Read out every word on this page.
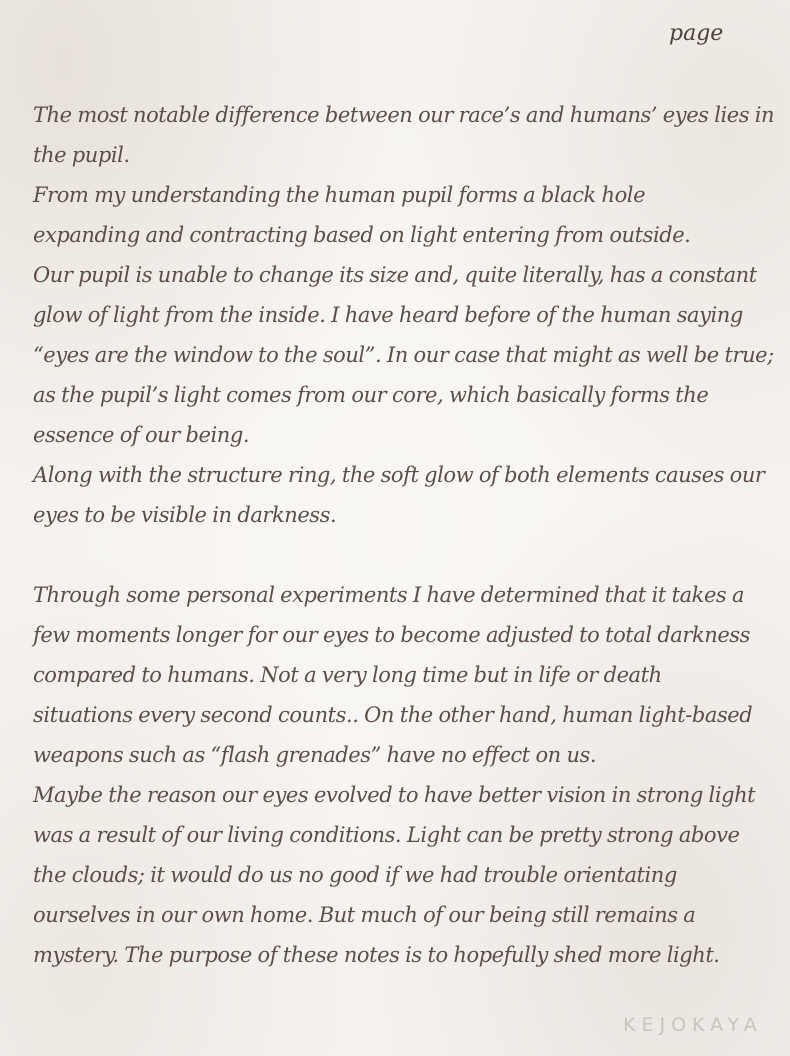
page

The most notable difference between our race’s and humans’ eyes lies in
the pupil.
From my understanding the human pupil forms a black hole
expanding and contracting based on light entering from outside.
Our pupil is unable to change its size and, quite literally, has a constant
glow of light from the inside. I have heard before of the human saying
“eyes are the window to the soul”. In our case that might as well be true;
as the pupil’s light comes from our core, which basically forms the
essence of our being.
Along with the structure ring, the soft glow of both elements causes our
eyes to be visible in darkness.
Through some personal experiments I have determined that it takes a
few moments longer for our eyes to become adjusted to total darkness
compared to humans. Not a very long time but in life or death
situations every second counts.. On the other hand, human light-based
weapons such as “flash grenades” have no effect on us.
Maybe the reason our eyes evolved to have better vision in strong light
was a result of our living conditions. Light can be pretty strong above
the clouds; it would do us no good if we had trouble orientating
ourselves in our own home. But much of our being still remains a
mystery. The purpose of these notes is to hopefully shed more light.

KEJOKAYA
